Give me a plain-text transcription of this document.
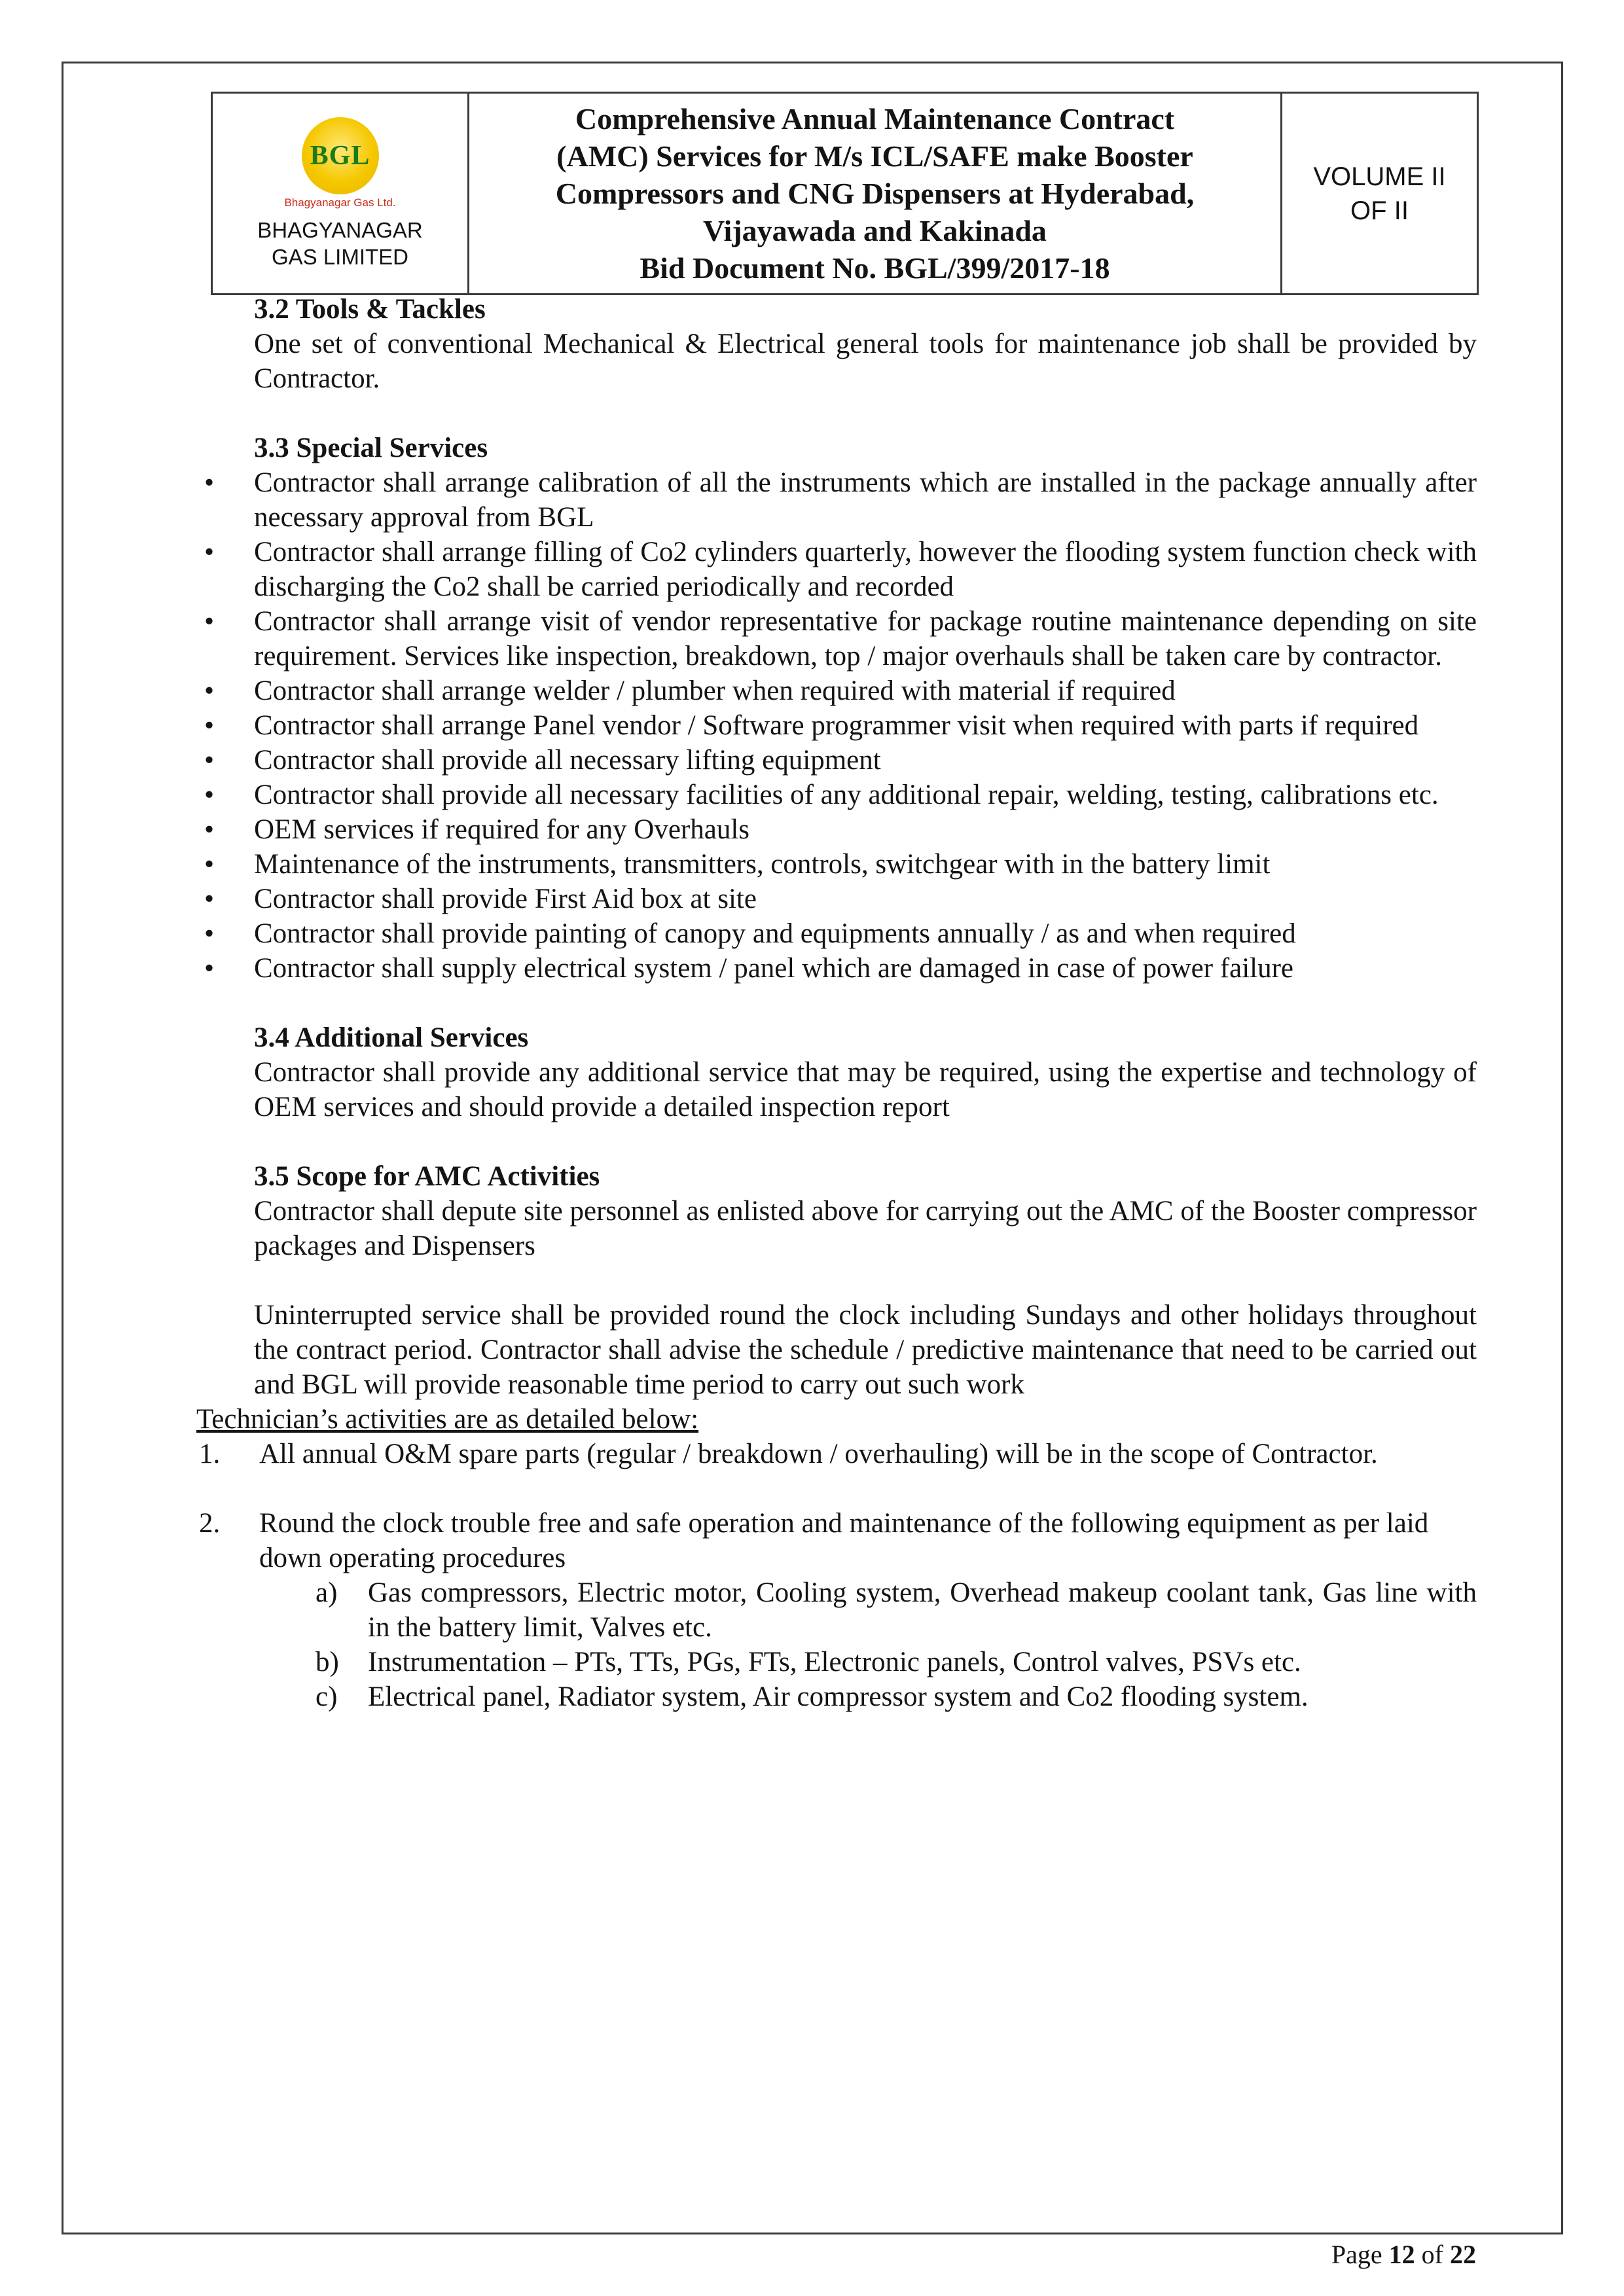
BGL
Bhagyanagar Gas Ltd.
BHAGYANAGAR GAS LIMITED

Comprehensive Annual Maintenance Contract
(AMC) Services for M/s ICL/SAFE make Booster
Compressors and CNG Dispensers at Hyderabad,
Vijayawada and Kakinada
Bid Document No. BGL/399/2017-18

VOLUME II
OF II
3.2 Tools & Tackles

One set of conventional Mechanical & Electrical general tools for maintenance job shall be provided by Contractor.

3.3 Special Services
• Contractor shall arrange calibration of all the instruments which are installed in the package annually after necessary approval from BGL
• Contractor shall arrange filling of Co2 cylinders quarterly, however the flooding system function check with discharging the Co2 shall be carried periodically and recorded
• Contractor shall arrange visit of vendor representative for package routine maintenance depending on site requirement. Services like inspection, breakdown, top / major overhauls shall be taken care by contractor.
• Contractor shall arrange welder / plumber when required with material if required
• Contractor shall arrange Panel vendor / Software programmer visit when required with parts if required
• Contractor shall provide all necessary lifting equipment
• Contractor shall provide all necessary facilities of any additional repair, welding, testing, calibrations etc.
• OEM services if required for any Overhauls
• Maintenance of the instruments, transmitters, controls, switchgear with in the battery limit
• Contractor shall provide First Aid box at site
• Contractor shall provide painting of canopy and equipments annually / as and when required
• Contractor shall supply electrical system / panel which are damaged in case of power failure
3.4 Additional Services

Contractor shall provide any additional service that may be required, using the expertise and technology of OEM services and should provide a detailed inspection report

3.5 Scope for AMC Activities

Contractor shall depute site personnel as enlisted above for carrying out the AMC of the Booster compressor packages and Dispensers

Uninterrupted service shall be provided round the clock including Sundays and other holidays throughout the contract period. Contractor shall advise the schedule / predictive maintenance that need to be carried out and BGL will provide reasonable time period to carry out such work

Technician’s activities are as detailed below:
1. All annual O&M spare parts (regular / breakdown / overhauling) will be in the scope of Contractor.
2. Round the clock trouble free and safe operation and maintenance of the following equipment as per laid down operating procedures
a) Gas compressors, Electric motor, Cooling system, Overhead makeup coolant tank, Gas line with in the battery limit, Valves etc.
b) Instrumentation – PTs, TTs, PGs, FTs, Electronic panels, Control valves, PSVs etc.
c) Electrical panel, Radiator system, Air compressor system and Co2 flooding system.
Page 12 of 22
